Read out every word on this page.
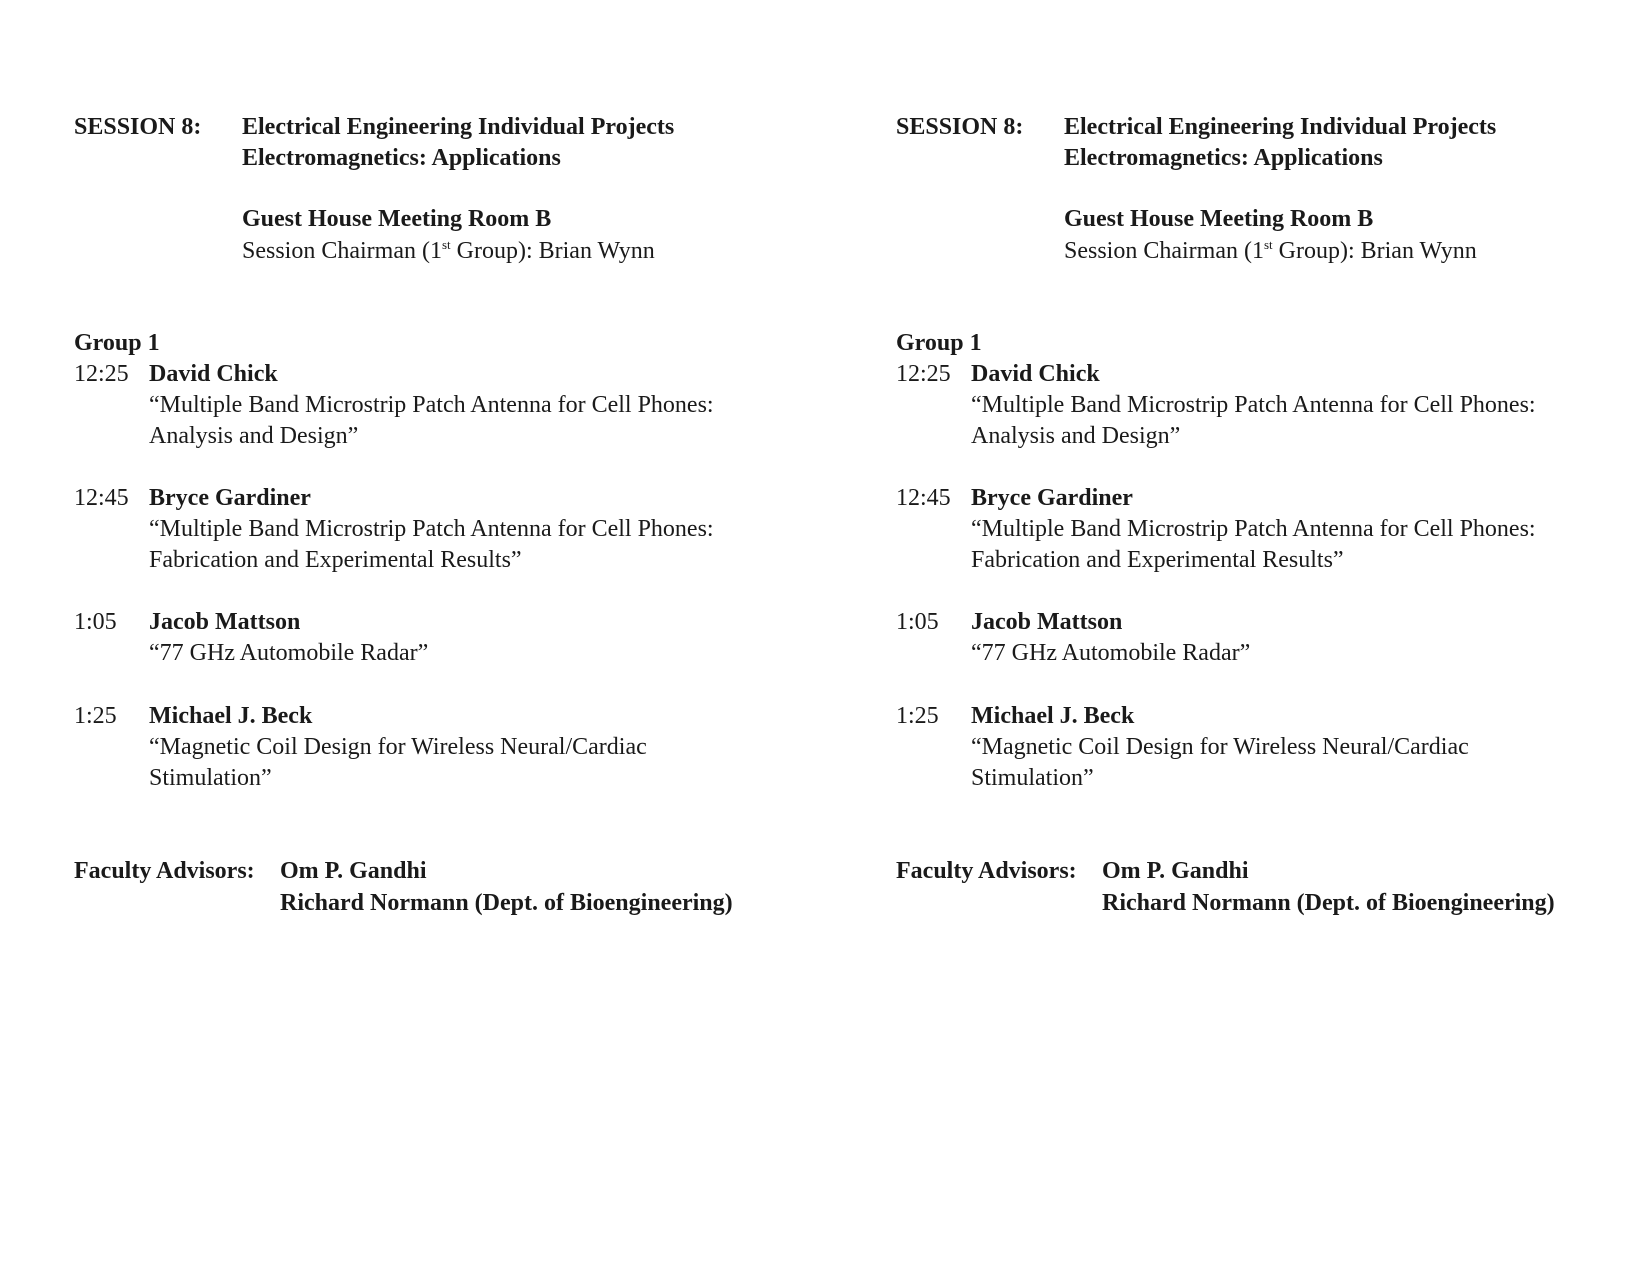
SESSION 8: Electrical Engineering Individual Projects
Electromagnetics: Applications
Guest House Meeting Room B
Session Chairman (1st Group): Brian Wynn
Group 1
12:25 David Chick
“Multiple Band Microstrip Patch Antenna for Cell Phones:
Analysis and Design”
12:45 Bryce Gardiner
“Multiple Band Microstrip Patch Antenna for Cell Phones:
Fabrication and Experimental Results”
1:05 Jacob Mattson
“77 GHz Automobile Radar”
1:25 Michael J. Beck
“Magnetic Coil Design for Wireless Neural/Cardiac
Stimulation”
Faculty Advisors: Om P. Gandhi
Richard Normann (Dept. of Bioengineering)
SESSION 8: Electrical Engineering Individual Projects
Electromagnetics: Applications
Guest House Meeting Room B
Session Chairman (1st Group): Brian Wynn
Group 1
12:25 David Chick
“Multiple Band Microstrip Patch Antenna for Cell Phones:
Analysis and Design”
12:45 Bryce Gardiner
“Multiple Band Microstrip Patch Antenna for Cell Phones:
Fabrication and Experimental Results”
1:05 Jacob Mattson
“77 GHz Automobile Radar”
1:25 Michael J. Beck
“Magnetic Coil Design for Wireless Neural/Cardiac
Stimulation”
Faculty Advisors: Om P. Gandhi
Richard Normann (Dept. of Bioengineering)
